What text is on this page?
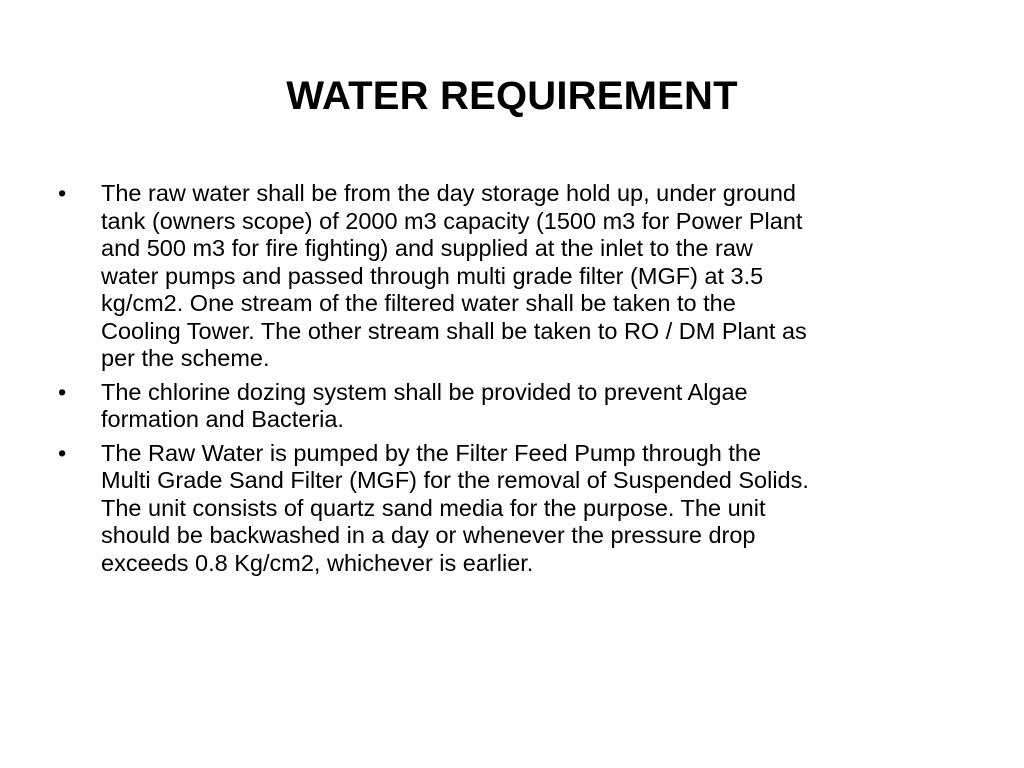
WATER REQUIREMENT
•	The raw water shall be from the day storage hold up, under ground
tank (owners scope) of 2000 m3 capacity (1500 m3 for Power Plant
and 500 m3 for fire fighting) and supplied at the inlet to the raw
water pumps and passed through multi grade filter (MGF) at 3.5
kg/cm2. One stream of the filtered water shall be taken to the
Cooling Tower. The other stream shall be taken to RO / DM Plant as
per the scheme.
•	The chlorine dozing system shall be provided to prevent Algae
formation and Bacteria.
•	The Raw Water is pumped by the Filter Feed Pump through the
Multi Grade Sand Filter (MGF) for the removal of Suspended Solids.
The unit consists of quartz sand media for the purpose. The unit
should be backwashed in a day or whenever the pressure drop
exceeds 0.8 Kg/cm2, whichever is earlier.
